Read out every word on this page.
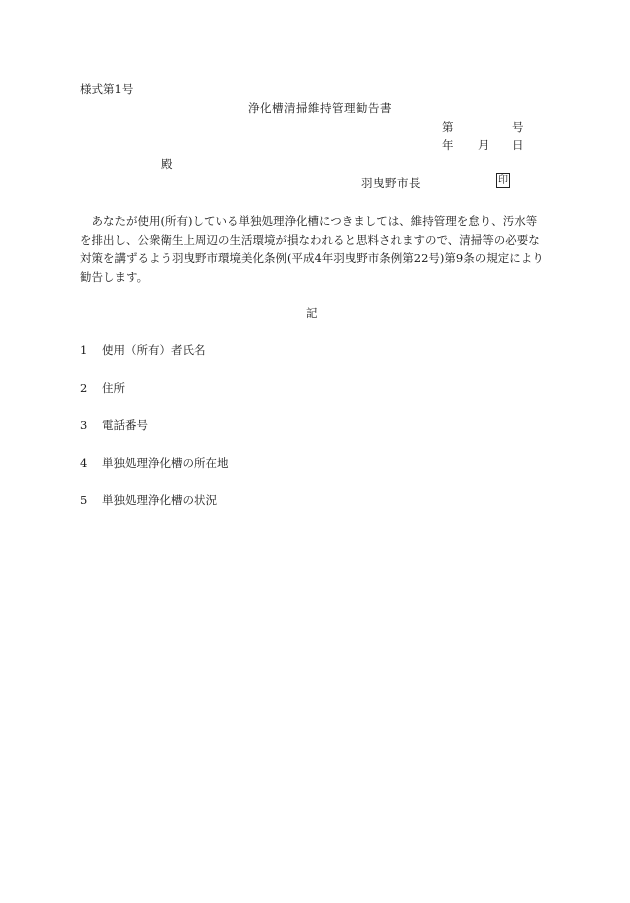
様式第1号
浄化槽清掃維持管理勧告書
第	号
年 月 日
殿
羽曳野市長	印
　あなたが使用(所有)している単独処理浄化槽につきましては、維持管理を怠り、汚水等
を排出し、公衆衛生上周辺の生活環境が損なわれると思料されますので、清掃等の必要な
対策を講ずるよう羽曳野市環境美化条例(平成4年羽曳野市条例第22号)第9条の規定により
勧告します。
記
1 使用（所有）者氏名
2 住所
3 電話番号
4 単独処理浄化槽の所在地
5 単独処理浄化槽の状況
